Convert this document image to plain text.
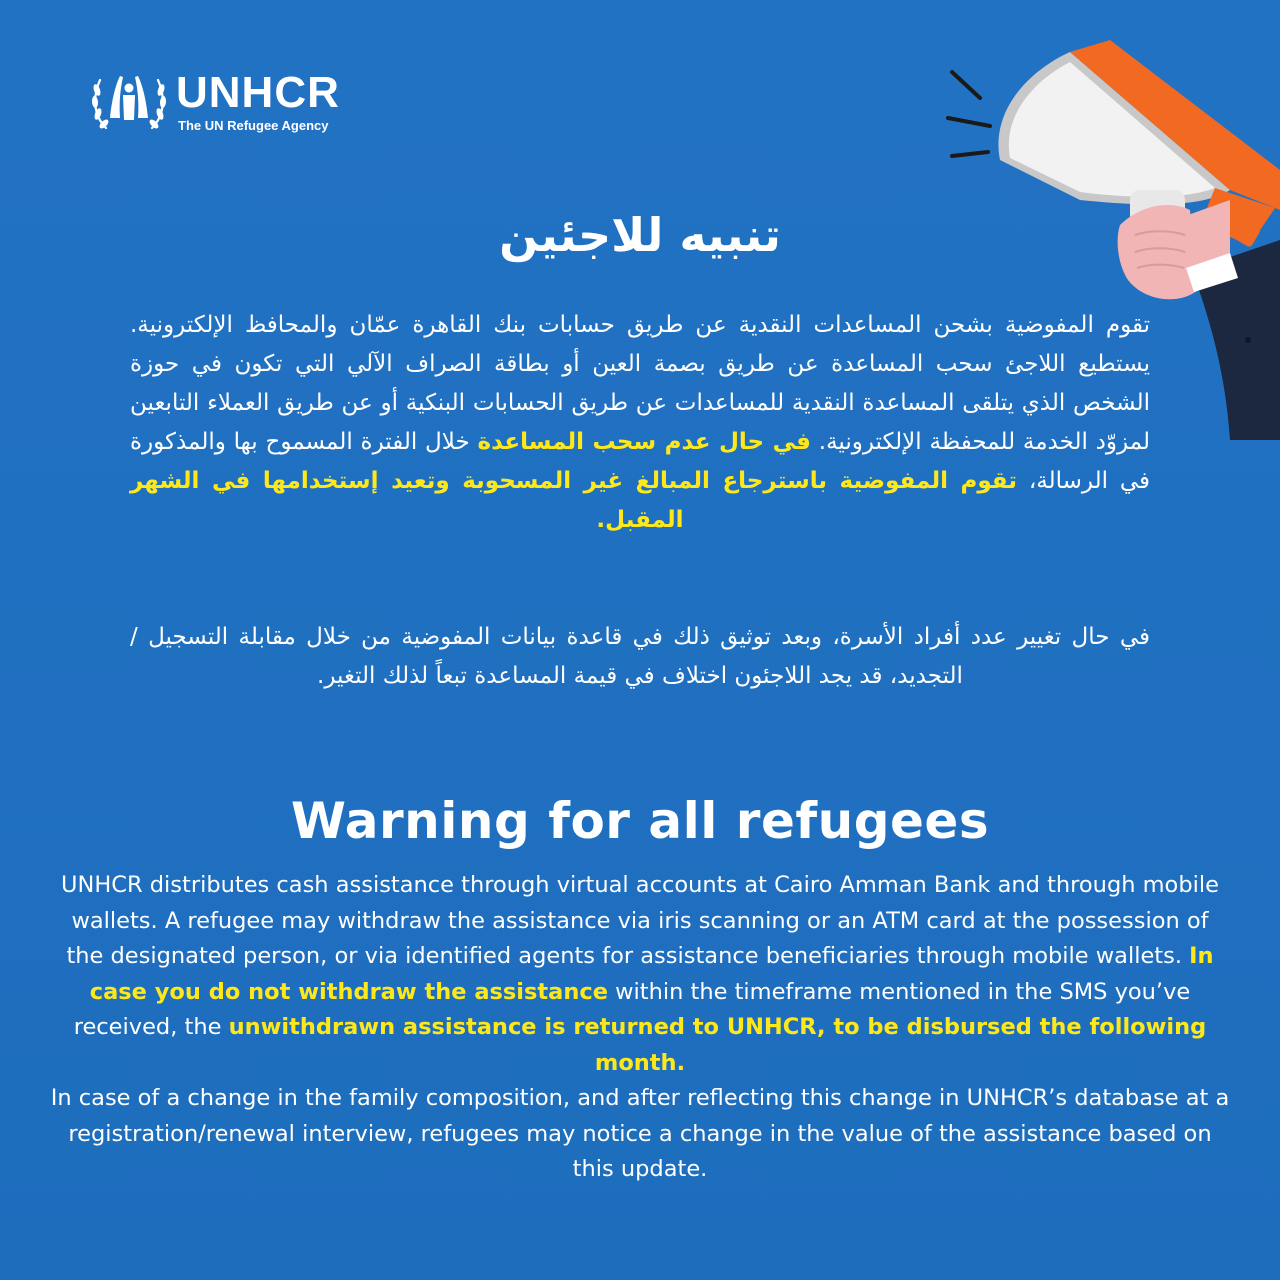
UNHCR
The UN Refugee Agency
تنبيه للاجئين
تقوم المفوضية بشحن المساعدات النقدية عن طريق حسابات بنك القاهرة عمّان والمحافظ الإلكترونية. يستطيع اللاجئ سحب المساعدة عن طريق بصمة العين أو بطاقة الصراف الآلي التي تكون في حوزة الشخص الذي يتلقى المساعدة النقدية للمساعدات عن طريق الحسابات البنكية أو عن طريق العملاء التابعين لمزوّد الخدمة للمحفظة الإلكترونية. في حال عدم سحب المساعدة خلال الفترة المسموح بها والمذكورة في الرسالة، تقوم المفوضية باسترجاع المبالغ غير المسحوبة وتعيد إستخدامها في الشهر المقبل.
في حال تغيير عدد أفراد الأسرة، وبعد توثيق ذلك في قاعدة بيانات المفوضية من خلال مقابلة التسجيل / التجديد، قد يجد اللاجئون اختلاف في قيمة المساعدة تبعاً لذلك التغير.
Warning for all refugees
UNHCR distributes cash assistance through virtual accounts at Cairo Amman Bank and through mobile wallets. A refugee may withdraw the assistance via iris scanning or an ATM card at the possession of the designated person, or via identified agents for assistance beneficiaries through mobile wallets. In case you do not withdraw the assistance within the timeframe mentioned in the SMS you’ve received, the unwithdrawn assistance is returned to UNHCR, to be disbursed the following month.
In case of a change in the family composition, and after reflecting this change in UNHCR’s database at a registration/renewal interview, refugees may notice a change in the value of the assistance based on this update.
